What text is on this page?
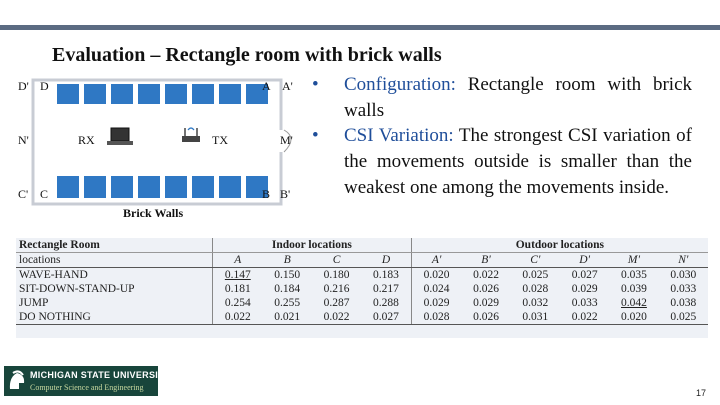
Evaluation – Rectangle room with brick walls
D' D	A A'
N'	RX	TX	M'
C' C	B B'
Brick Walls
• Configuration: Rectangle room with brick walls
• CSI Variation: The strongest CSI variation of the movements outside is smaller than the weakest one among the movements inside.
Rectangle Room	Indoor locations				Outdoor locations					
locations	A	B	C	D	A'	B'	C'	D'	M'	N'
WAVE-HAND	0.147	0.150	0.180	0.183	0.020	0.022	0.025	0.027	0.035	0.030
SIT-DOWN-STAND-UP	0.181	0.184	0.216	0.217	0.024	0.026	0.028	0.029	0.039	0.033
JUMP	0.254	0.255	0.287	0.288	0.029	0.029	0.032	0.033	0.042	0.038
DO NOTHING	0.022	0.021	0.022	0.027	0.028	0.026	0.031	0.022	0.020	0.025
MICHIGAN STATE UNIVERSITY
Computer Science and Engineering
17
